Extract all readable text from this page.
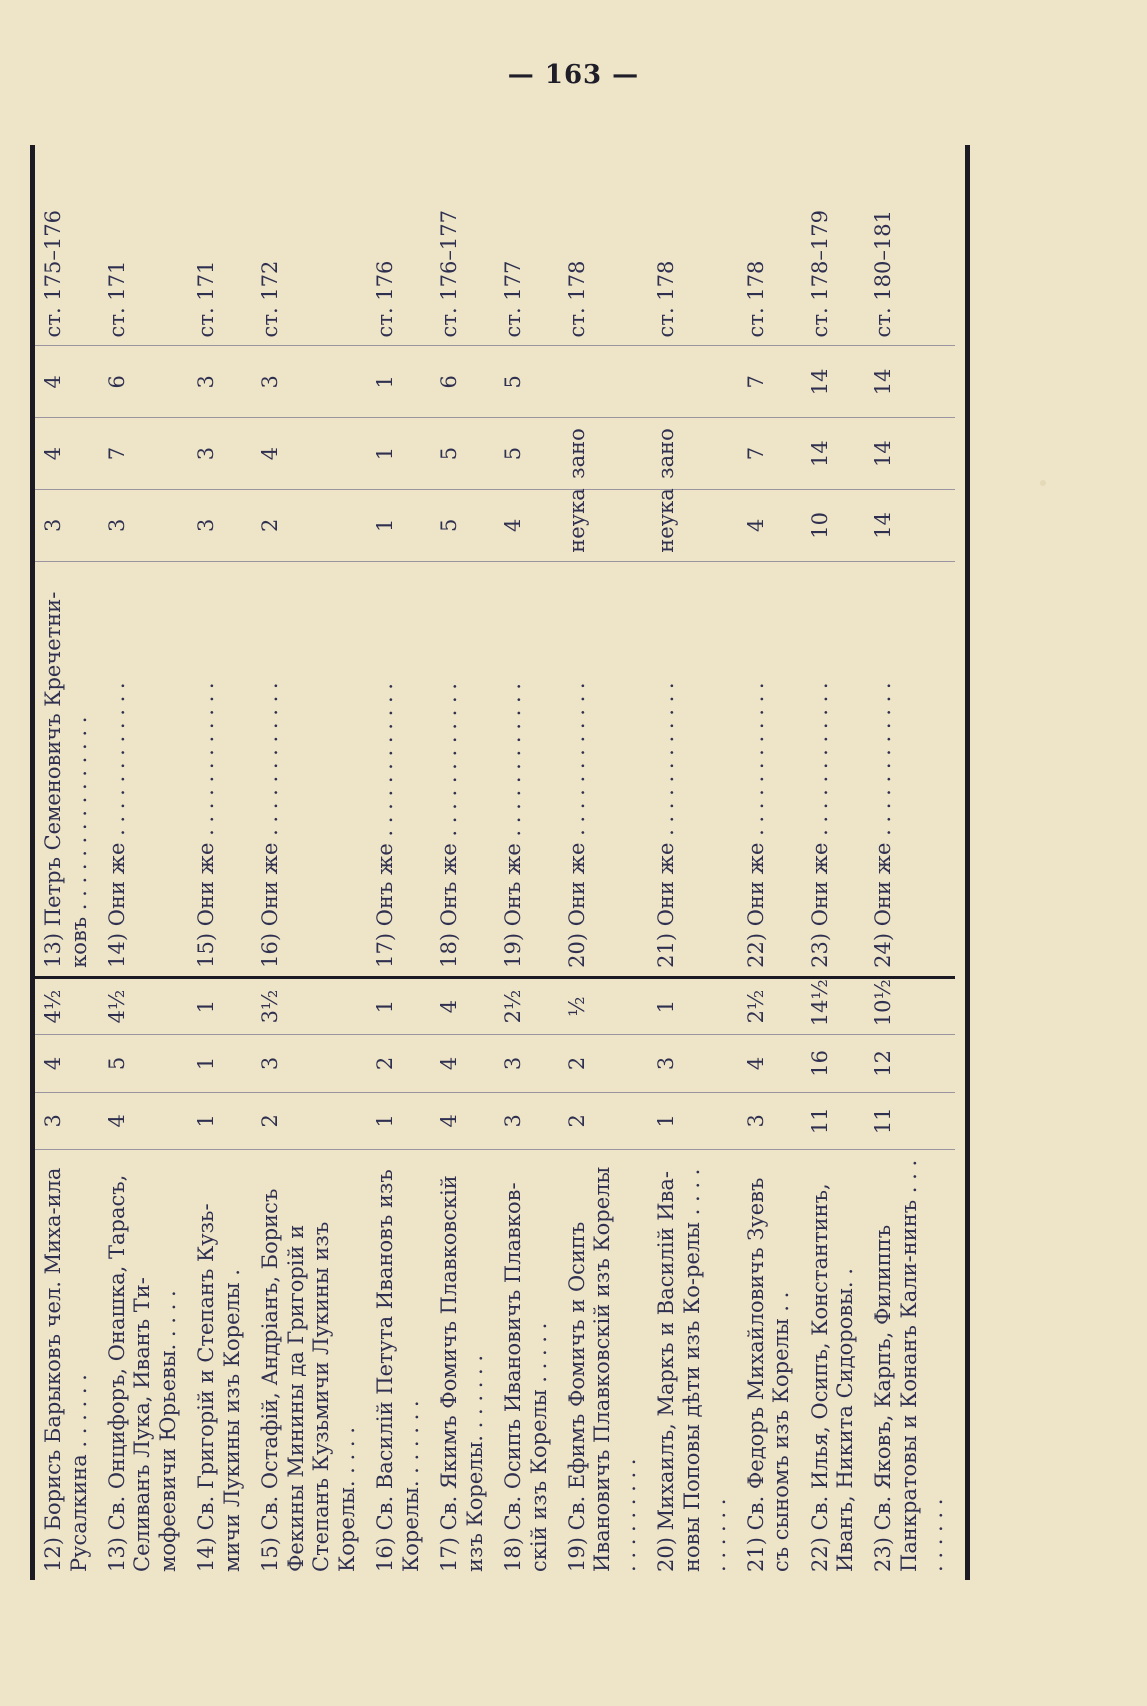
— 163 —

12) Борисъ Барыковъ чел. Миха-ила Русалкина . . . . . .	3	4	4½	13) Петръ Семеновичъ Кречетни-ковъ . . . . . . . . . . . . . . .	3	4	4	ст. 175–176
13) Св. Онцифоръ, Онашка, Тарасъ, Селиванъ Лука, Иванъ Ти-мофеевичи Юрьевы. . . . .	4	5	4½	14) Они же . . . . . . . . . . . .	3	7	6	ст. 171
14) Св. Григорій и Степанъ Кузь-мичи Лукины изъ Корелы .	1	1	1	15) Они же . . . . . . . . . . . .	3	3	3	ст. 171
15) Св. Остафій, Андріанъ, Борисъ Фекины Минины да Григорій и Степанъ Кузьмичи Лукины изъ Корелы. . . . .	2	3	3½	16) Они же . . . . . . . . . . . .	2	4	3	ст. 172
16) Св. Василій Петута Ивановъ изъ Корелы. . . . . . .	1	2	1	17) Онъ же . . . . . . . . . . . .	1	1	1	ст. 176
17) Св. Якимъ Фомичъ Плавковскій изъ Корелы. . . . . . .	4	4	4	18) Онъ же . . . . . . . . . . . .	5	5	6	ст. 176–177
18) Св. Осипъ Ивановичъ Плавков-скій изъ Корелы . . . . .	3	3	2½	19) Онъ же . . . . . . . . . . . .	4	5	5	ст. 177
19) Св. Ефимъ Фомичъ и Осипъ Ивановичъ Плавковскій изъ Корелы . . . . . . . . .	2	2	½	20) Они же . . . . . . . . . . . .	неука	зано		ст. 178
20) Михаилъ, Маркъ и Василій Ива-новы Поповы дѣти изъ Ко-релы . . . . . . . . . .	1	3	1	21) Они же . . . . . . . . . . . .	неука	зано		ст. 178
21) Св. Федоръ Михайловичъ Зуевъ съ сыномъ изъ Корелы . .	3	4	2½	22) Они же . . . . . . . . . . . .	4	7	7	ст. 178
22) Св. Илья, Осипъ, Константинъ, Иванъ, Никита Сидоровы. .	11	16	14½	23) Они же . . . . . . . . . . . .	10	14	14	ст. 178–179
23) Св. Яковъ, Карпъ, Филиппъ Панкратовы и Конанъ Кали-нинъ . . . . . . . . .	11	12	10½	24) Они же . . . . . . . . . . . .	14	14	14	ст. 180–181
